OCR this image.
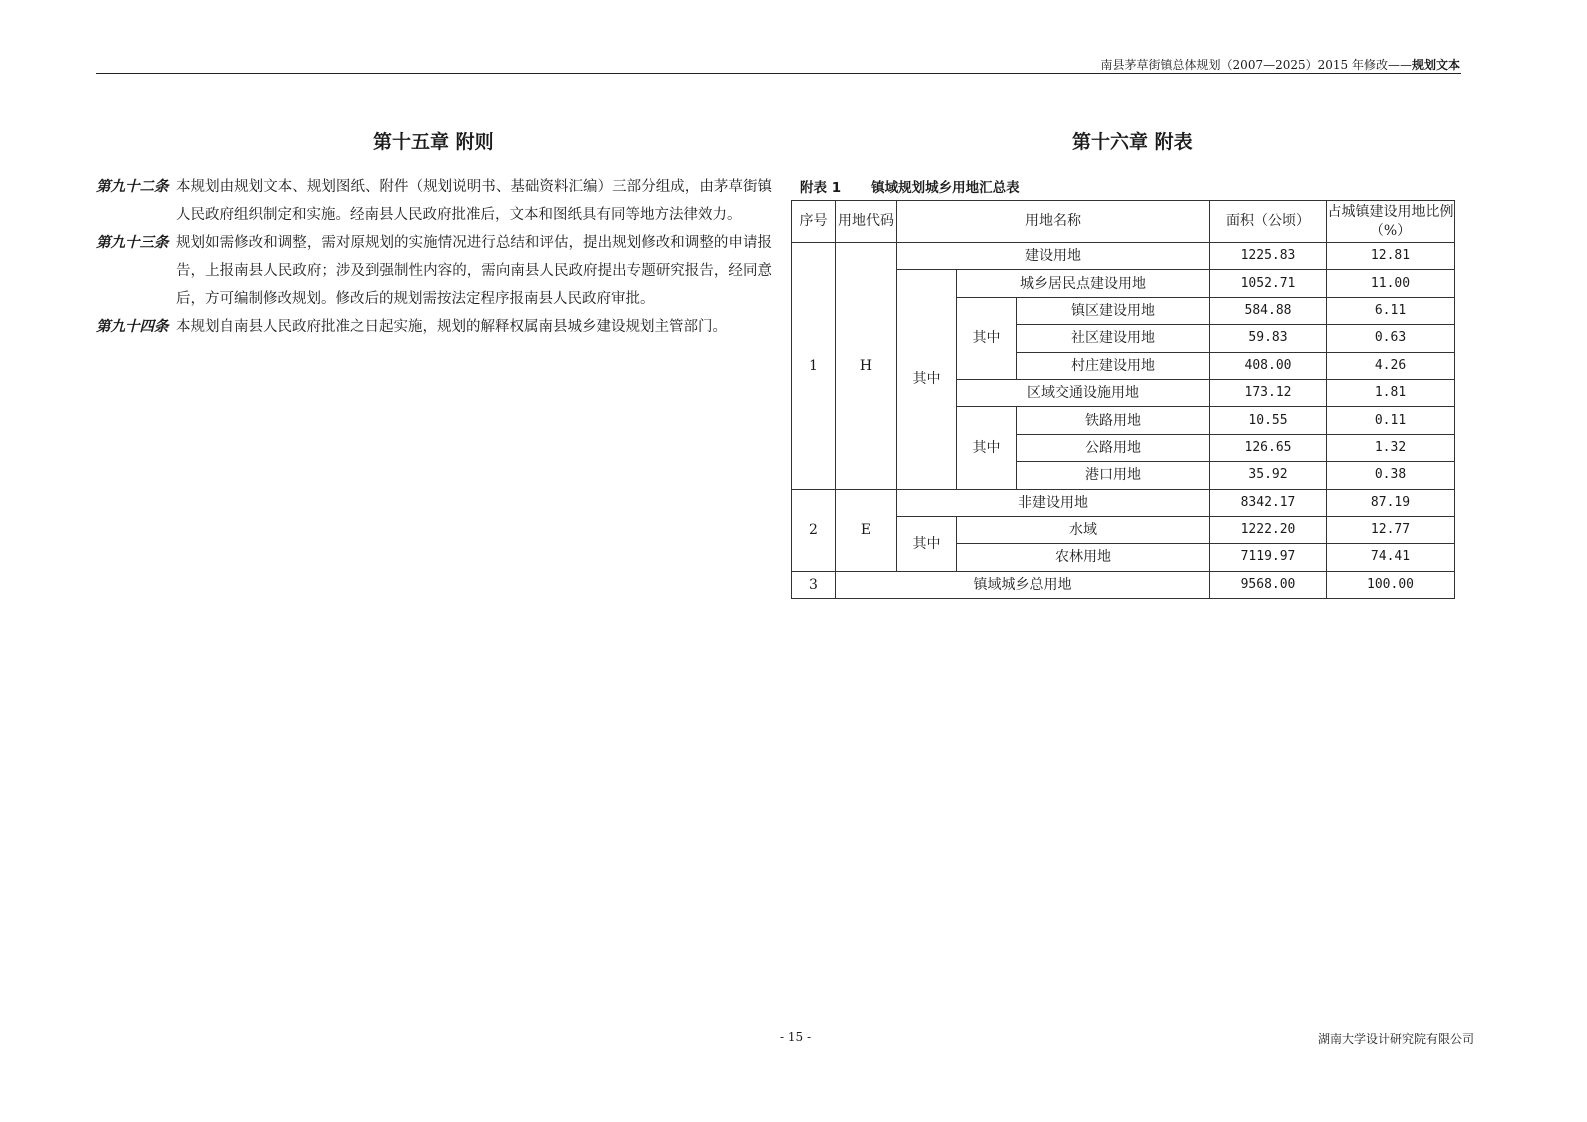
南县茅草街镇总体规划（2007—2025）2015 年修改——规划文本
第十五章 附则
第九十二条 本规划由规划文本、规划图纸、附件（规划说明书、基础资料汇编）三部分组成，由茅草街镇人民政府组织制定和实施。经南县人民政府批准后，文本和图纸具有同等地方法律效力。
第九十三条 规划如需修改和调整，需对原规划的实施情况进行总结和评估，提出规划修改和调整的申请报告，上报南县人民政府；涉及到强制性内容的，需向南县人民政府提出专题研究报告，经同意后，方可编制修改规划。修改后的规划需按法定程序报南县人民政府审批。
第九十四条 本规划自南县人民政府批准之日起实施，规划的解释权属南县城乡建设规划主管部门。
第十六章 附表
附表 1 镇域规划城乡用地汇总表
序号	用地代码	用地名称			面积（公顷）	占城镇建设用地比例（%）
1	H	建设用地			1225.83	12.81
		其中	城乡居民点建设用地		1052.71	11.00
			其中	镇区建设用地	584.88	6.11
				社区建设用地	59.83	0.63
				村庄建设用地	408.00	4.26
			区域交通设施用地		173.12	1.81
			其中	铁路用地	10.55	0.11
				公路用地	126.65	1.32
				港口用地	35.92	0.38
2	E	非建设用地			8342.17	87.19
		其中	水域		1222.20	12.77
			农林用地		7119.97	74.41
3	镇域城乡总用地				9568.00	100.00
- 15 -	湖南大学设计研究院有限公司
